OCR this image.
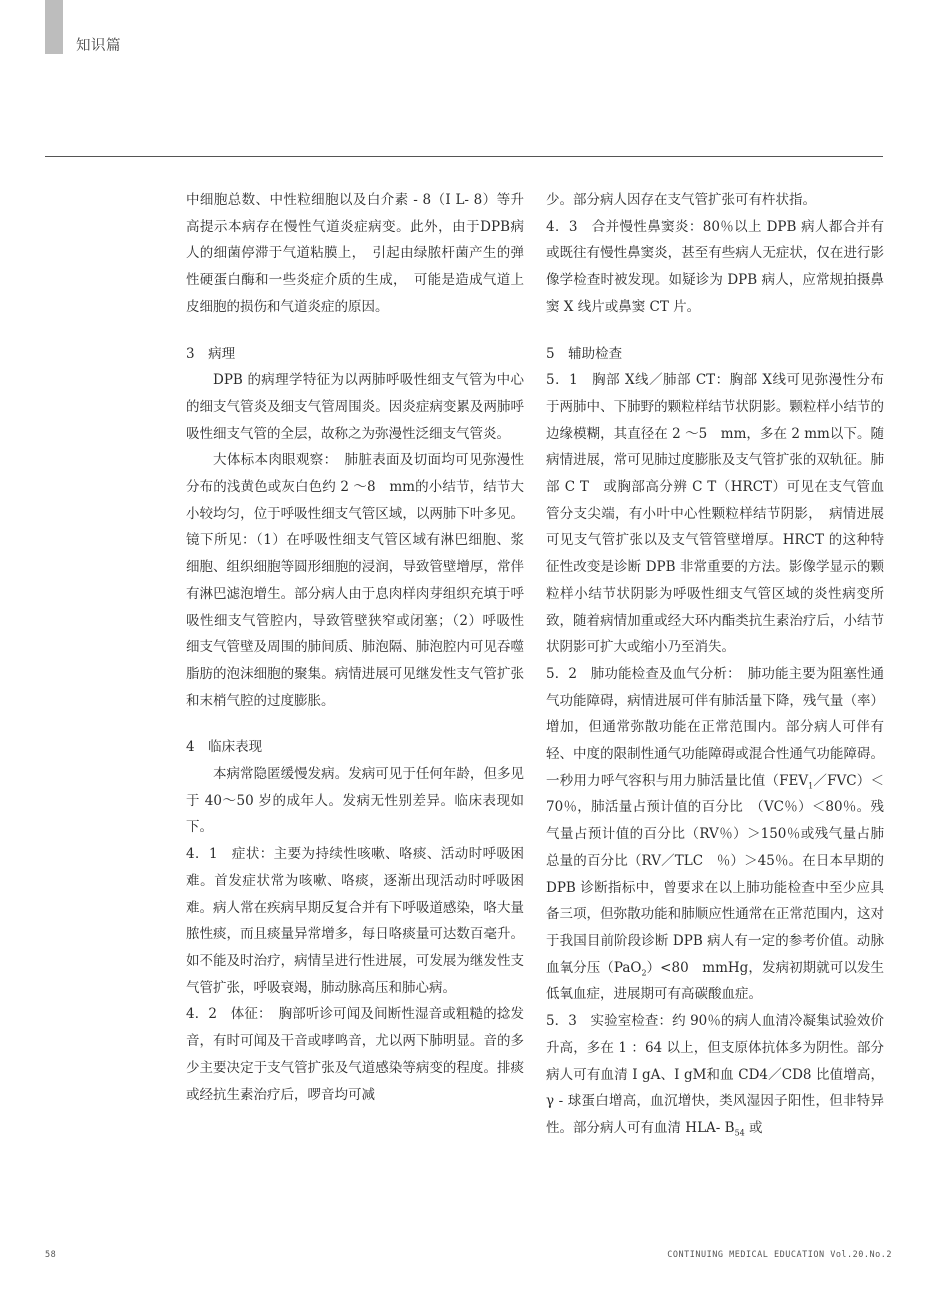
知识篇

中细胞总数、中性粒细胞以及白介素 - 8（I L- 8）等升高提示本病存在慢性气道炎症病变。此外，由于DPB病人的细菌停滞于气道粘膜上，　引起由绿脓杆菌产生的弹性硬蛋白酶和一些炎症介质的生成，　可能是造成气道上皮细胞的损伤和气道炎症的原因。

3　病理

DPB 的病理学特征为以两肺呼吸性细支气管为中心的细支气管炎及细支气管周围炎。因炎症病变累及两肺呼吸性细支气管的全层，故称之为弥漫性泛细支气管炎。

大体标本肉眼观察：　肺脏表面及切面均可见弥漫性分布的浅黄色或灰白色约 2 ～8　mm的小结节，结节大小较均匀，位于呼吸性细支气管区域，以两肺下叶多见。镜下所见：（1）在呼吸性细支气管区域有淋巴细胞、浆细胞、组织细胞等圆形细胞的浸润，导致管壁增厚，常伴有淋巴滤泡增生。部分病人由于息肉样肉芽组织充填于呼吸性细支气管腔内，导致管壁狭窄或闭塞；（2）呼吸性细支气管壁及周围的肺间质、肺泡隔、肺泡腔内可见吞噬脂肪的泡沫细胞的聚集。病情进展可见继发性支气管扩张和末梢气腔的过度膨胀。

4　临床表现

本病常隐匿缓慢发病。发病可见于任何年龄，但多见于 40～50 岁的成年人。发病无性别差异。临床表现如下。

4．1　症状：主要为持续性咳嗽、咯痰、活动时呼吸困难。首发症状常为咳嗽、咯痰，逐渐出现活动时呼吸困难。病人常在疾病早期反复合并有下呼吸道感染，咯大量脓性痰，而且痰量异常增多，每日咯痰量可达数百毫升。如不能及时治疗，病情呈进行性进展，可发展为继发性支气管扩张，呼吸衰竭，肺动脉高压和肺心病。

4．2　体征：　胸部听诊可闻及间断性湿音或粗糙的捻发音，有时可闻及干音或哮鸣音，尤以两下肺明显。音的多少主要决定于支气管扩张及气道感染等病变的程度。排痰或经抗生素治疗后，啰音均可减

少。部分病人因存在支气管扩张可有杵状指。

4．3　合并慢性鼻窦炎：80％以上 DPB 病人都合并有或既往有慢性鼻窦炎，甚至有些病人无症状，仅在进行影像学检查时被发现。如疑诊为 DPB 病人，应常规拍摄鼻窦 X 线片或鼻窦 CT 片。

5　辅助检查

5．1　胸部 X线／肺部 CT：胸部 X线可见弥漫性分布于两肺中、下肺野的颗粒样结节状阴影。颗粒样小结节的边缘模糊，其直径在 2 ～5　mm，多在 2 mm以下。随病情进展，常可见肺过度膨胀及支气管扩张的双轨征。肺部 C T　或胸部高分辨 C T（HRCT）可见在支气管血管分支尖端，有小叶中心性颗粒样结节阴影，　病情进展可见支气管扩张以及支气管管壁增厚。HRCT 的这种特征性改变是诊断 DPB 非常重要的方法。影像学显示的颗粒样小结节状阴影为呼吸性细支气管区域的炎性病变所致，随着病情加重或经大环内酯类抗生素治疗后，小结节状阴影可扩大或缩小乃至消失。

5．2　肺功能检查及血气分析：　肺功能主要为阻塞性通气功能障碍，病情进展可伴有肺活量下降，残气量（率）增加，但通常弥散功能在正常范围内。部分病人可伴有轻、中度的限制性通气功能障碍或混合性通气功能障碍。一秒用力呼气容积与用力肺活量比值$(FEV_1/FVC)<70$％，肺活量占预计值的百分比　（VC％）＜80％。残气量占预计值的百分比（RV％）＞150％或残气量占肺总量的百分比（RV／TLC　％）＞45％。在日本早期的 DPB 诊断指标中，曾要求在以上肺功能检查中至少应具备三项，但弥散功能和肺顺应性通常在正常范围内，这对于我国目前阶段诊断 DPB 病人有一定的参考价值。动脉血氧分压（PaO$_2$）<80　mmHg，发病初期就可以发生低氧血症，进展期可有高碳酸血症。

5．3　实验室检查：约 90％的病人血清冷凝集试验效价升高，多在 1 ：64 以上，但支原体抗体多为阴性。部分病人可有血清 I gA、I gM和血 CD4／CD8 比值增高，γ - 球蛋白增高，血沉增快，类风湿因子阳性，但非特异性。部分病人可有血清 HLA- $B_{54}$ 或

58	CONTINUING MEDICAL EDUCATION Vol.20.No.2
